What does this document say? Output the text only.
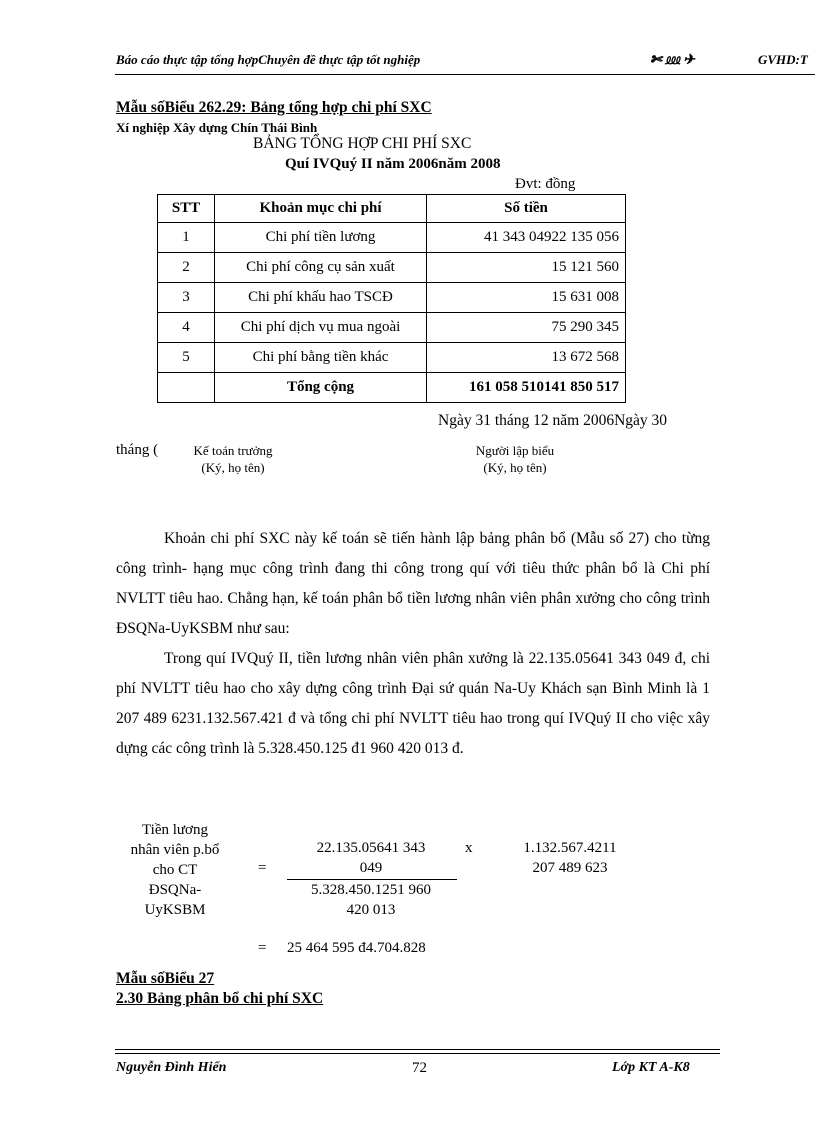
Báo cáo thực tập tổng hợpChuyên đề thực tập tốt nghiệp	✄ ⅏ ✈	GVHD:T
Mẫu sốBiểu 262.29: Bảng tổng hợp chi phí SXC
Xí nghiệp Xây dựng Chín Thái Bình
BẢNG TỔNG HỢP CHI PHÍ SXC
Quí IVQuý II năm 2006năm 2008
Đvt: đồng
STT	Khoản mục chi phí	Số tiền
1	Chi phí tiền lương	41 343 04922 135 056
2	Chi phí công cụ sản xuất	15 121 560
3	Chi phí khấu hao TSCĐ	15 631 008
4	Chi phí dịch vụ mua ngoài	75 290 345
5	Chi phí bằng tiền khác	13 672 568
	Tổng cộng	161 058 510141 850 517
Ngày 31 tháng 12 năm 2006Ngày 30
tháng (	Kế toán trưởng
(Ký, họ tên)
Người lập biểu
(Ký, họ tên)

Khoản chi phí SXC này kế toán sẽ tiến hành lập bảng phân bổ (Mẫu số 27) cho từng công trình- hạng mục công trình đang thi công trong quí với tiêu thức phân bổ là Chi phí NVLTT tiêu hao. Chẳng hạn, kế toán phân bổ tiền lương nhân viên phân xưởng cho công trình ĐSQNa-UyKSBM như sau:

Trong quí IVQuý II, tiền lương nhân viên phân xưởng là 22.135.05641 343 049 đ, chi phí NVLTT tiêu hao cho xây dựng công trình Đại sứ quán Na-Uy Khách sạn Bình Minh là 1 207 489 6231.132.567.421 đ và tổng chi phí NVLTT tiêu hao trong quí IVQuý II cho việc xây dựng các công trình là 5.328.450.125 đ1 960 420 013 đ.

Tiền lương
nhân viên p.bổ
cho CT
ĐSQNa-
UyKSBM
=
22.135.05641 343
049
5.328.450.1251 960
420 013
x	1.132.567.4211
207 489 623
= 25 464 595 đ4.704.828
Mẫu sốBiểu 27
2.30 Bảng phân bổ chi phí SXC
Nguyễn Đình Hiển	72	Lớp KT A-K8
